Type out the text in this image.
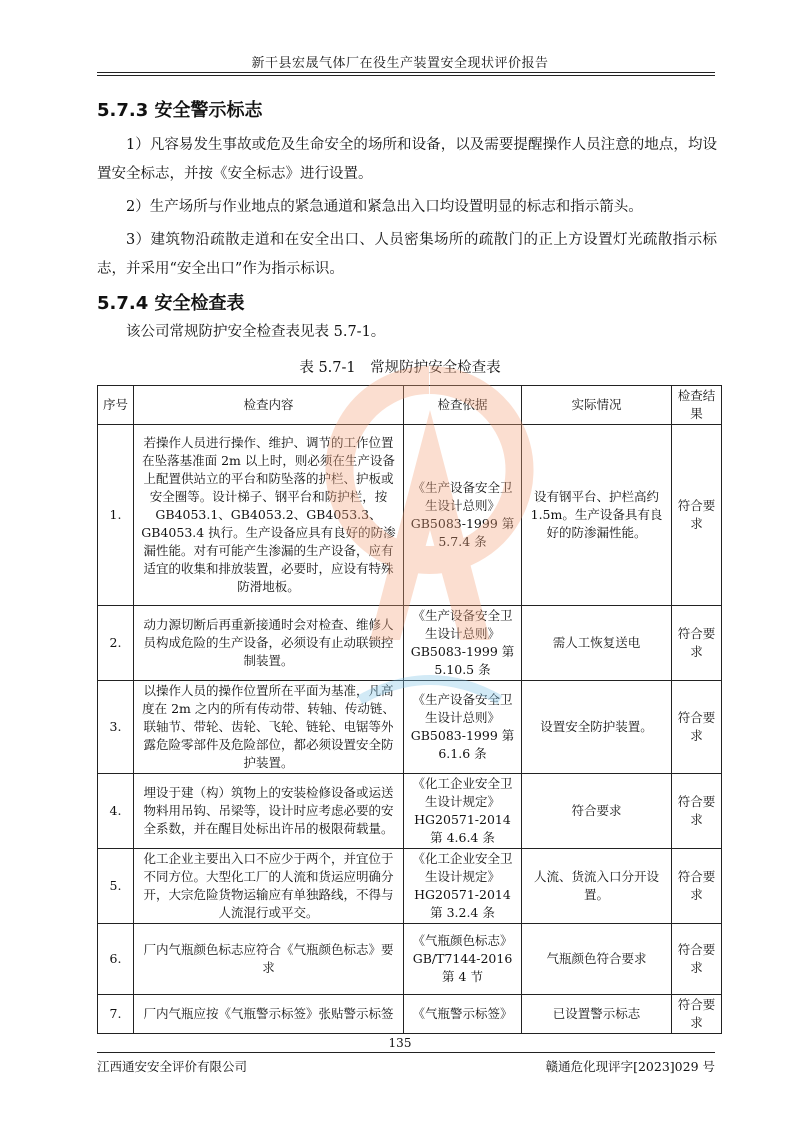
新干县宏晟气体厂在役生产装置安全现状评价报告
5.7.3 安全警示标志
1）凡容易发生事故或危及生命安全的场所和设备，以及需要提醒操作人员注意的地点，均设置安全标志，并按《安全标志》进行设置。
2）生产场所与作业地点的紧急通道和紧急出入口均设置明显的标志和指示箭头。
3）建筑物沿疏散走道和在安全出口、人员密集场所的疏散门的正上方设置灯光疏散指示标志，并采用“安全出口”作为指示标识。
5.7.4 安全检查表
该公司常规防护安全检查表见表 5.7-1。
表 5.7-1　常规防护安全检查表
序号	检查内容	检查依据	实际情况	检查结果
1.	若操作人员进行操作、维护、调节的工作位置在坠落基准面 2m 以上时，则必须在生产设备上配置供站立的平台和防坠落的护栏、护板或安全圈等。设计梯子、钢平台和防护栏，按 GB4053.1、GB4053.2、GB4053.3、GB4053.4 执行。生产设备应具有良好的防渗漏性能。对有可能产生渗漏的生产设备，应有适宜的收集和排放装置，必要时，应设有特殊防滑地板。	《生产设备安全卫生设计总则》GB5083-1999 第 5.7.4 条	设有钢平台、护栏高约 1.5m。生产设备具有良好的防渗漏性能。	符合要求
2.	动力源切断后再重新接通时会对检查、维修人员构成危险的生产设备，必须设有止动联锁控制装置。	《生产设备安全卫生设计总则》GB5083-1999 第 5.10.5 条	需人工恢复送电	符合要求
3.	以操作人员的操作位置所在平面为基准，凡高度在 2m 之内的所有传动带、转轴、传动链、联轴节、带轮、齿轮、飞轮、链轮、电锯等外露危险零部件及危险部位，都必须设置安全防护装置。	《生产设备安全卫生设计总则》GB5083-1999 第 6.1.6 条	设置安全防护装置。	符合要求
4.	埋设于建（构）筑物上的安装检修设备或运送物料用吊钩、吊梁等，设计时应考虑必要的安全系数，并在醒目处标出许吊的极限荷载量。	《化工企业安全卫生设计规定》HG20571-2014 第 4.6.4 条	符合要求	符合要求
5.	化工企业主要出入口不应少于两个，并宜位于不同方位。大型化工厂的人流和货运应明确分开，大宗危险货物运输应有单独路线，不得与人流混行或平交。	《化工企业安全卫生设计规定》HG20571-2014 第 3.2.4 条	人流、货流入口分开设置。	符合要求
6.	厂内气瓶颜色标志应符合《气瓶颜色标志》要求	《气瓶颜色标志》GB/T7144-2016 第 4 节	气瓶颜色符合要求	符合要求
7.	厂内气瓶应按《气瓶警示标签》张贴警示标签	《气瓶警示标签》	已设置警示标志	符合要求
135
江西通安安全评价有限公司	赣通危化现评字[2023]029 号
